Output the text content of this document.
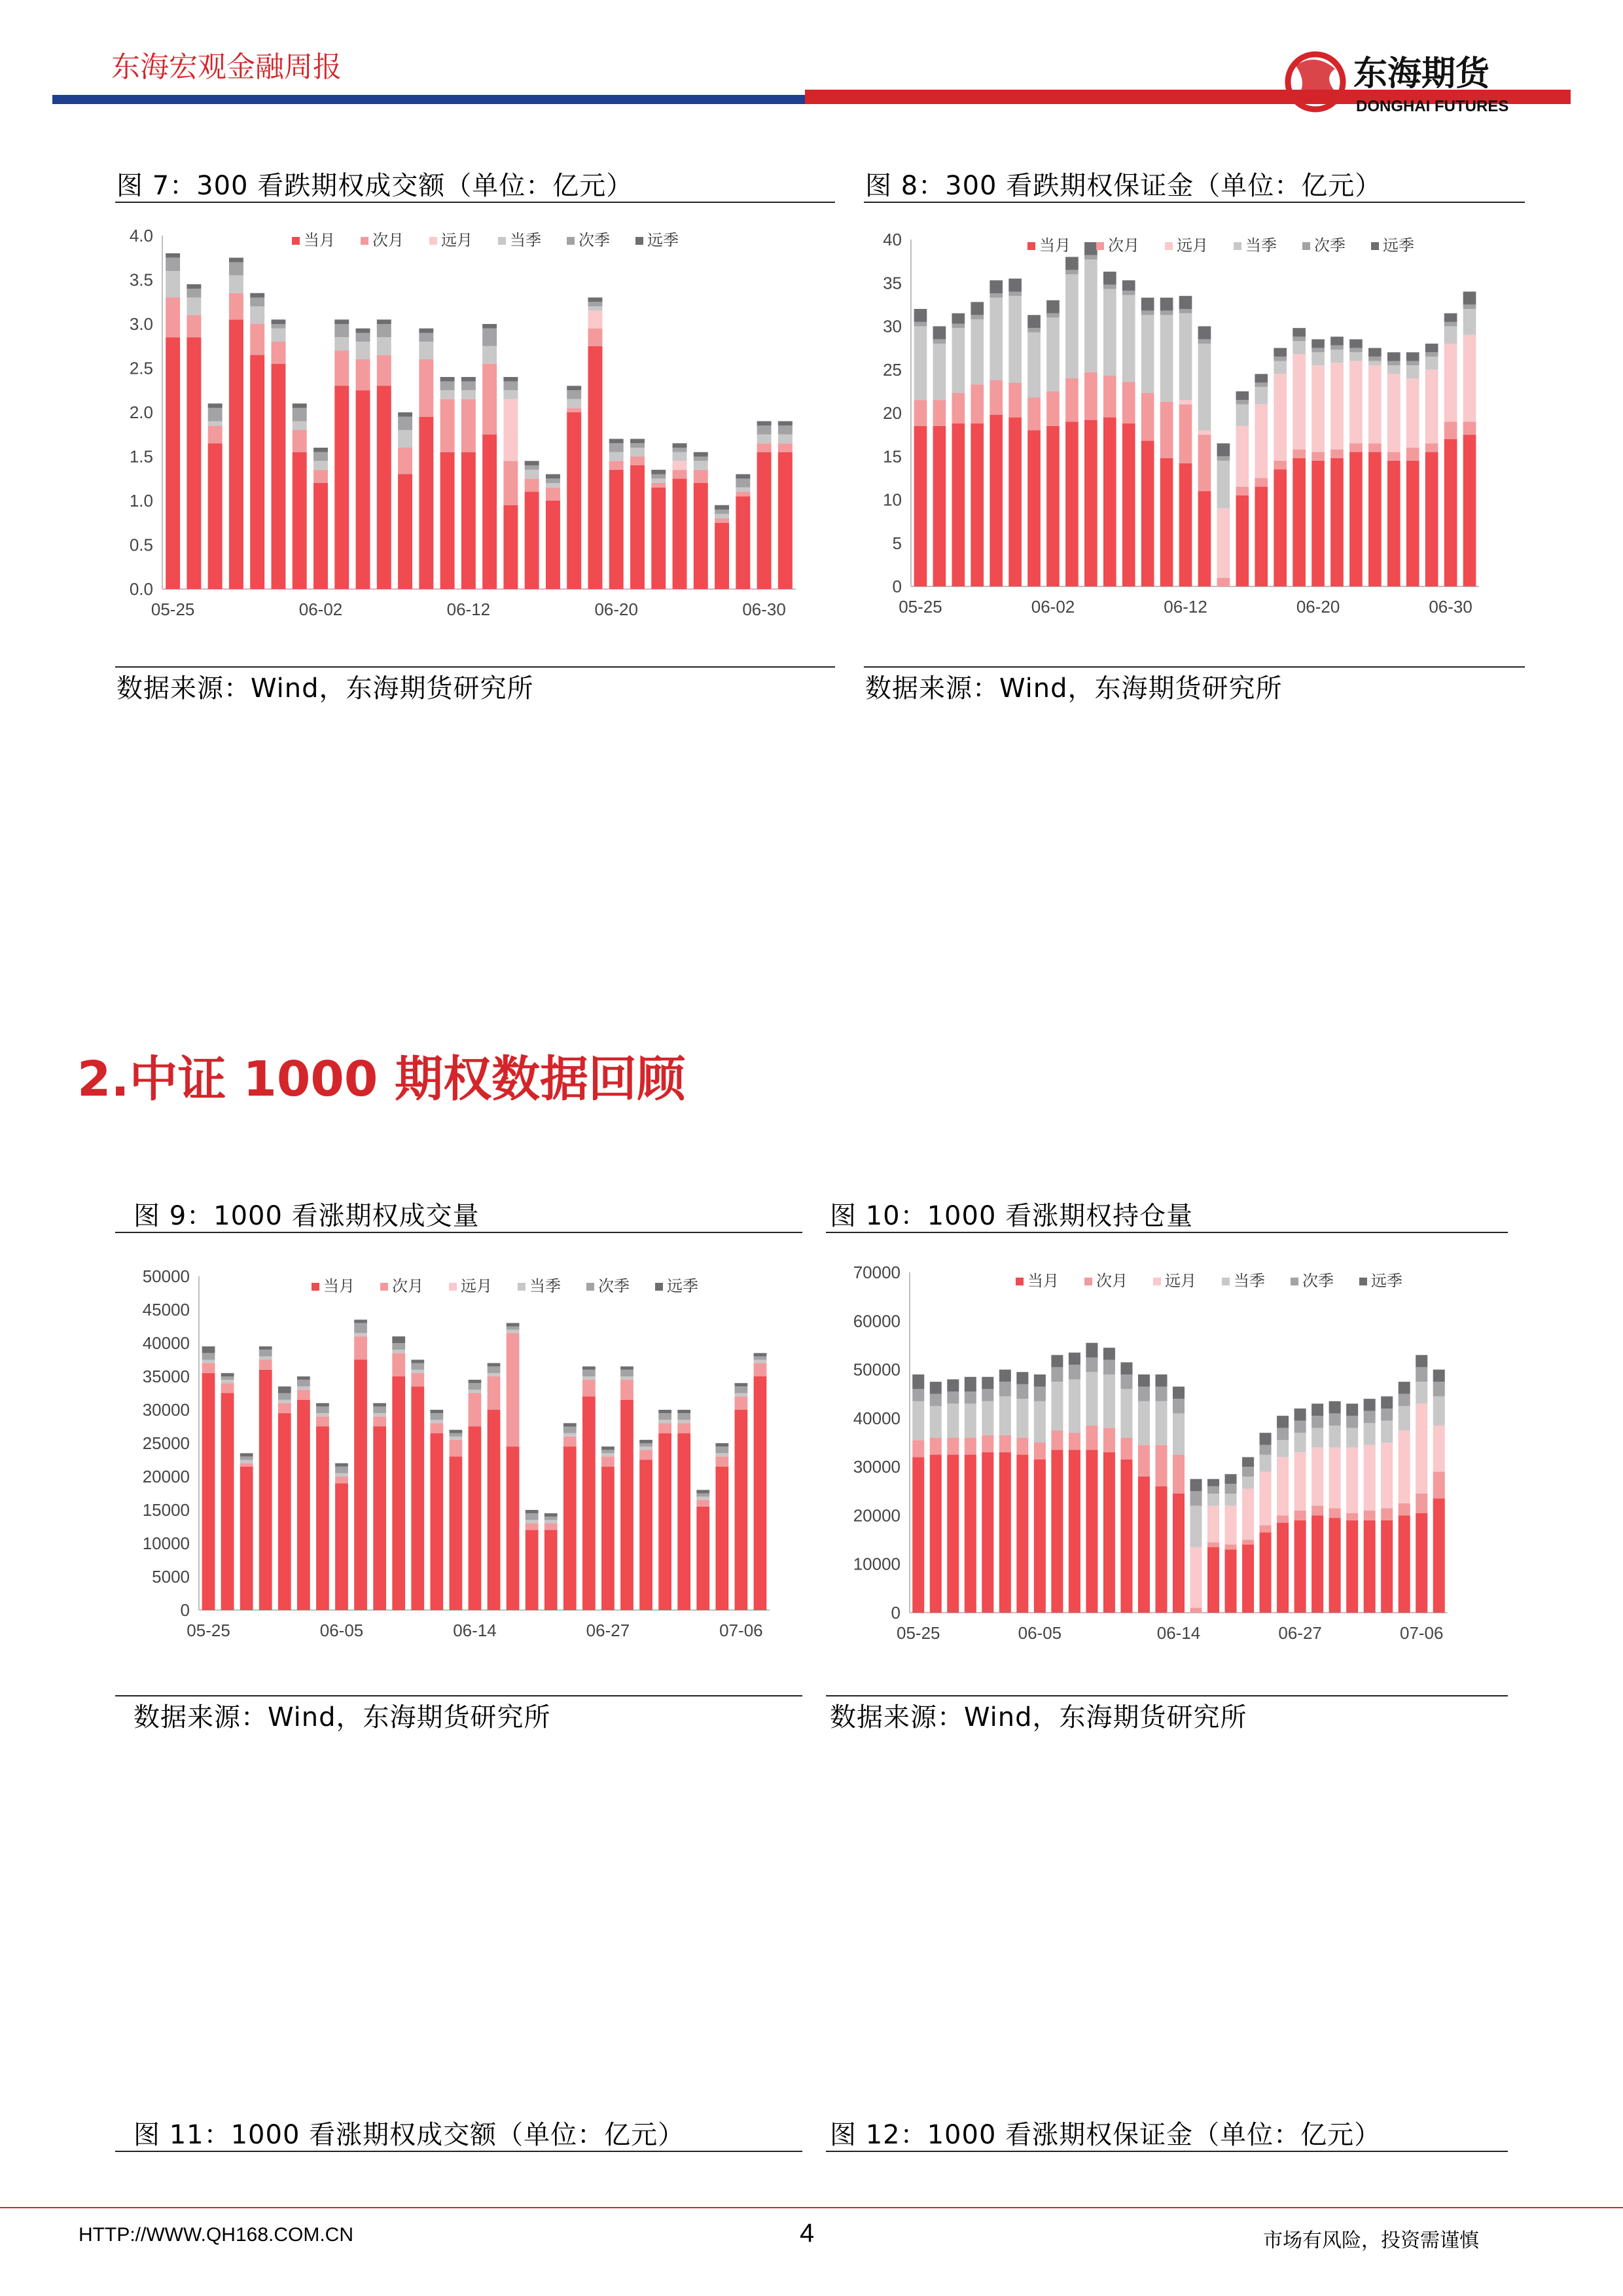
东海宏观金融周报	东海期货
DONGHAI FUTURES
图 7：300 看跌期权成交额（单位：亿元）
0.0
0.5
1.0
1.5
2.0
2.5
3.0
3.5
4.0
05-25	06-02	06-12	06-20	06-30
当月 次月 远月 当季 次季 远季
数据来源：Wind，东海期货研究所
图 8：300 看跌期权保证金（单位：亿元）
0
5
10
15
20
25
30
35
40
05-25	06-02	06-12	06-20	06-30
当月 次月 远月 当季 次季 远季
数据来源：Wind，东海期货研究所
2.中证 1000 期权数据回顾
图 9：1000 看涨期权成交量
0
5000
10000
15000
20000
25000
30000
35000
40000
45000
50000
05-25	06-05	06-14	06-27	07-06
当月 次月 远月 当季 次季 远季
数据来源：Wind，东海期货研究所
图 10：1000 看涨期权持仓量
0
10000
20000
30000
40000
50000
60000
70000
05-25	06-05	06-14	06-27	07-06
当月 次月 远月 当季 次季 远季
数据来源：Wind，东海期货研究所
图 11：1000 看涨期权成交额（单位：亿元）	图 12：1000 看涨期权保证金（单位：亿元）
HTTP://WWW.QH168.COM.CN	4	市场有风险，投资需谨慎
